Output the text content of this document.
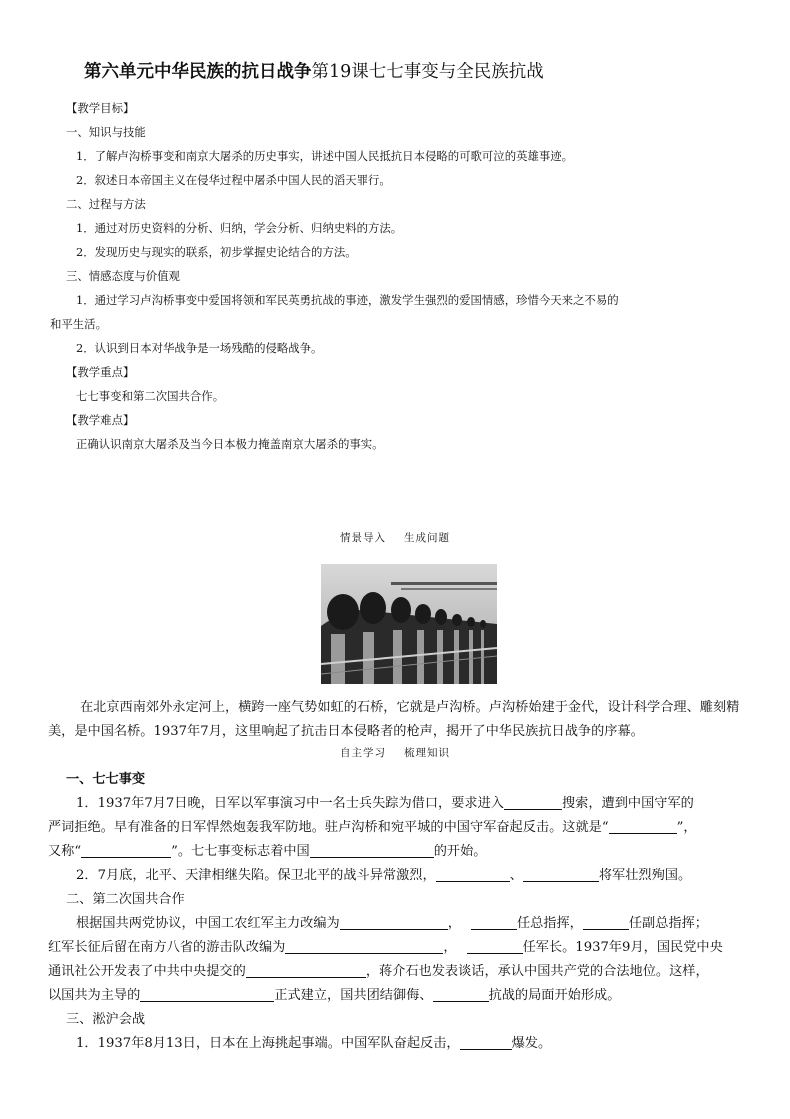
第六单元中华民族的抗日战争第19课七七事变与全民族抗战
【教学目标】
一、知识与技能
1．了解卢沟桥事变和南京大屠杀的历史事实，讲述中国人民抵抗日本侵略的可歌可泣的英雄事迹。
2．叙述日本帝国主义在侵华过程中屠杀中国人民的滔天罪行。
二、过程与方法
1．通过对历史资料的分析、归纳，学会分析、归纳史料的方法。
2．发现历史与现实的联系，初步掌握史论结合的方法。
三、情感态度与价值观
1．通过学习卢沟桥事变中爱国将领和军民英勇抗战的事迹，激发学生强烈的爱国情感，珍惜今天来之不易的
和平生活。
2．认识到日本对华战争是一场残酷的侵略战争。
【教学重点】
七七事变和第二次国共合作。
【教学难点】
正确认识南京大屠杀及当今日本极力掩盖南京大屠杀的事实。
情景导入 生成问题

在北京西南郊外永定河上，横跨一座气势如虹的石桥，它就是卢沟桥。卢沟桥始建于金代，设计科学合理、雕刻精美，是中国名桥。1937年7月，这里响起了抗击日本侵略者的枪声，揭开了中华民族抗日战争的序幕。

自主学习 梳理知识
一、七七事变
1．1937年7月7日晚，日军以军事演习中一名士兵失踪为借口，要求进入	搜索，遭到中国守军的
严词拒绝。早有准备的日军悍然炮轰我军防地。驻卢沟桥和宛平城的中国守军奋起反击。这就是“	”，
又称“	”。七七事变标志着中国	的开始。
2．7月底，北平、天津相继失陷。保卫北平的战斗异常激烈，	、	将军壮烈殉国。
二、第二次国共合作
根据国共两党协议，中国工农红军主力改编为	，	任总指挥，	任副总指挥；
红军长征后留在南方八省的游击队改编为	，	任军长。1937年9月，国民党中央
通讯社公开发表了中共中央提交的	，蒋介石也发表谈话，承认中国共产党的合法地位。这样，
以国共为主导的	正式建立，国共团结御侮、	抗战的局面开始形成。
三、淞沪会战
1．1937年8月13日，日本在上海挑起事端。中国军队奋起反击，	爆发。
